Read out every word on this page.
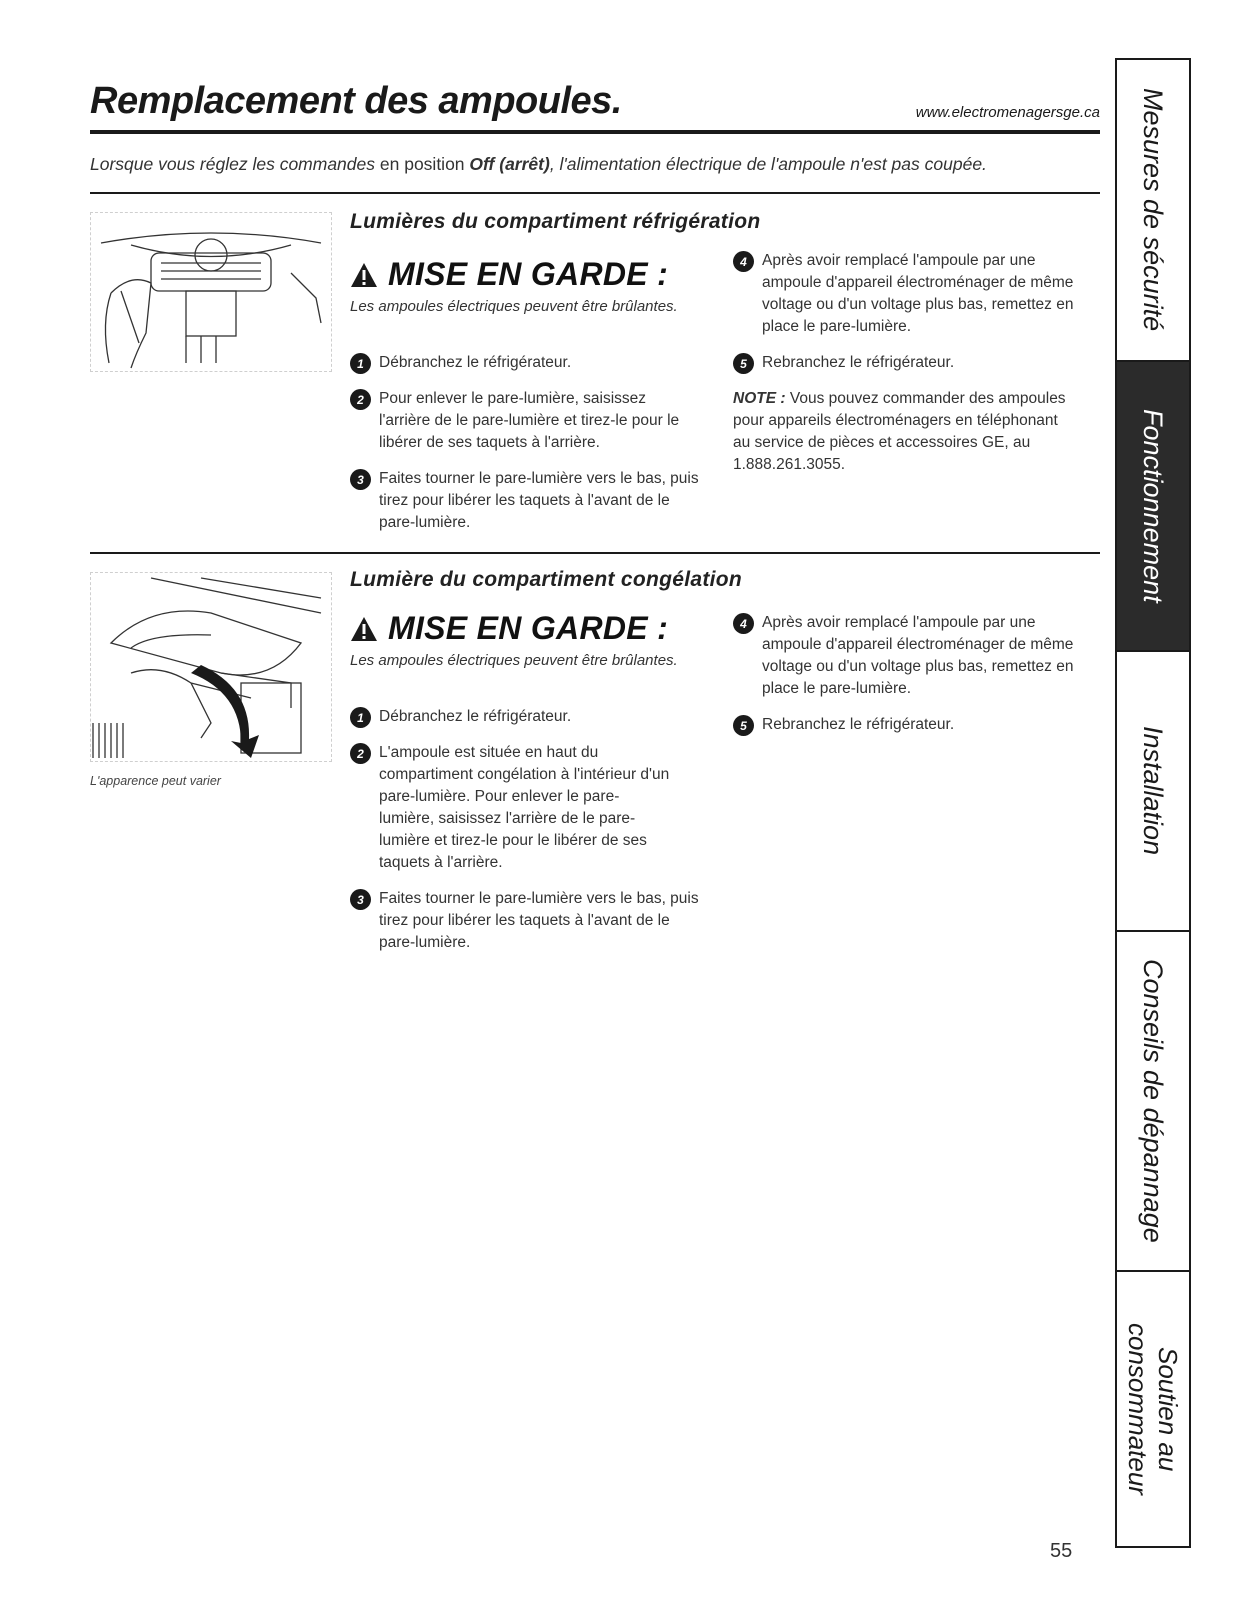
Remplacement des ampoules.	www.electromenagersge.ca
Lorsque vous réglez les commandes en position Off (arrêt), l'alimentation électrique de l'ampoule n'est pas coupée.
Lumières du compartiment réfrigération
MISE EN GARDE :
Les ampoules électriques peuvent être brûlantes.
1 Débranchez le réfrigérateur.
2 Pour enlever le pare-lumière, saisissez l'arrière de le pare-lumière et tirez-le pour le libérer de ses taquets à l'arrière.
3 Faites tourner le pare-lumière vers le bas, puis tirez pour libérer les taquets à l'avant de le pare-lumière.
4 Après avoir remplacé l'ampoule par une ampoule d'appareil électroménager de même voltage ou d'un voltage plus bas, remettez en place le pare-lumière.
5 Rebranchez le réfrigérateur.
NOTE : Vous pouvez commander des ampoules pour appareils électroménagers en téléphonant au service de pièces et accessoires GE, au 1.888.261.3055.
L'apparence peut varier
Lumière du compartiment congélation
MISE EN GARDE :
Les ampoules électriques peuvent être brûlantes.
1 Débranchez le réfrigérateur.
2 L'ampoule est située en haut du compartiment congélation à l'intérieur d'un pare-lumière. Pour enlever le pare-lumière, saisissez l'arrière de le pare-lumière et tirez-le pour le libérer de ses taquets à l'arrière.
3 Faites tourner le pare-lumière vers le bas, puis tirez pour libérer les taquets à l'avant de le pare-lumière.
4 Après avoir remplacé l'ampoule par une ampoule d'appareil électroménager de même voltage ou d'un voltage plus bas, remettez en place le pare-lumière.
5 Rebranchez le réfrigérateur.
55
Mesures de sécurité
Fonctionnement
Installation
Conseils de dépannage
Soutien au consommateur
